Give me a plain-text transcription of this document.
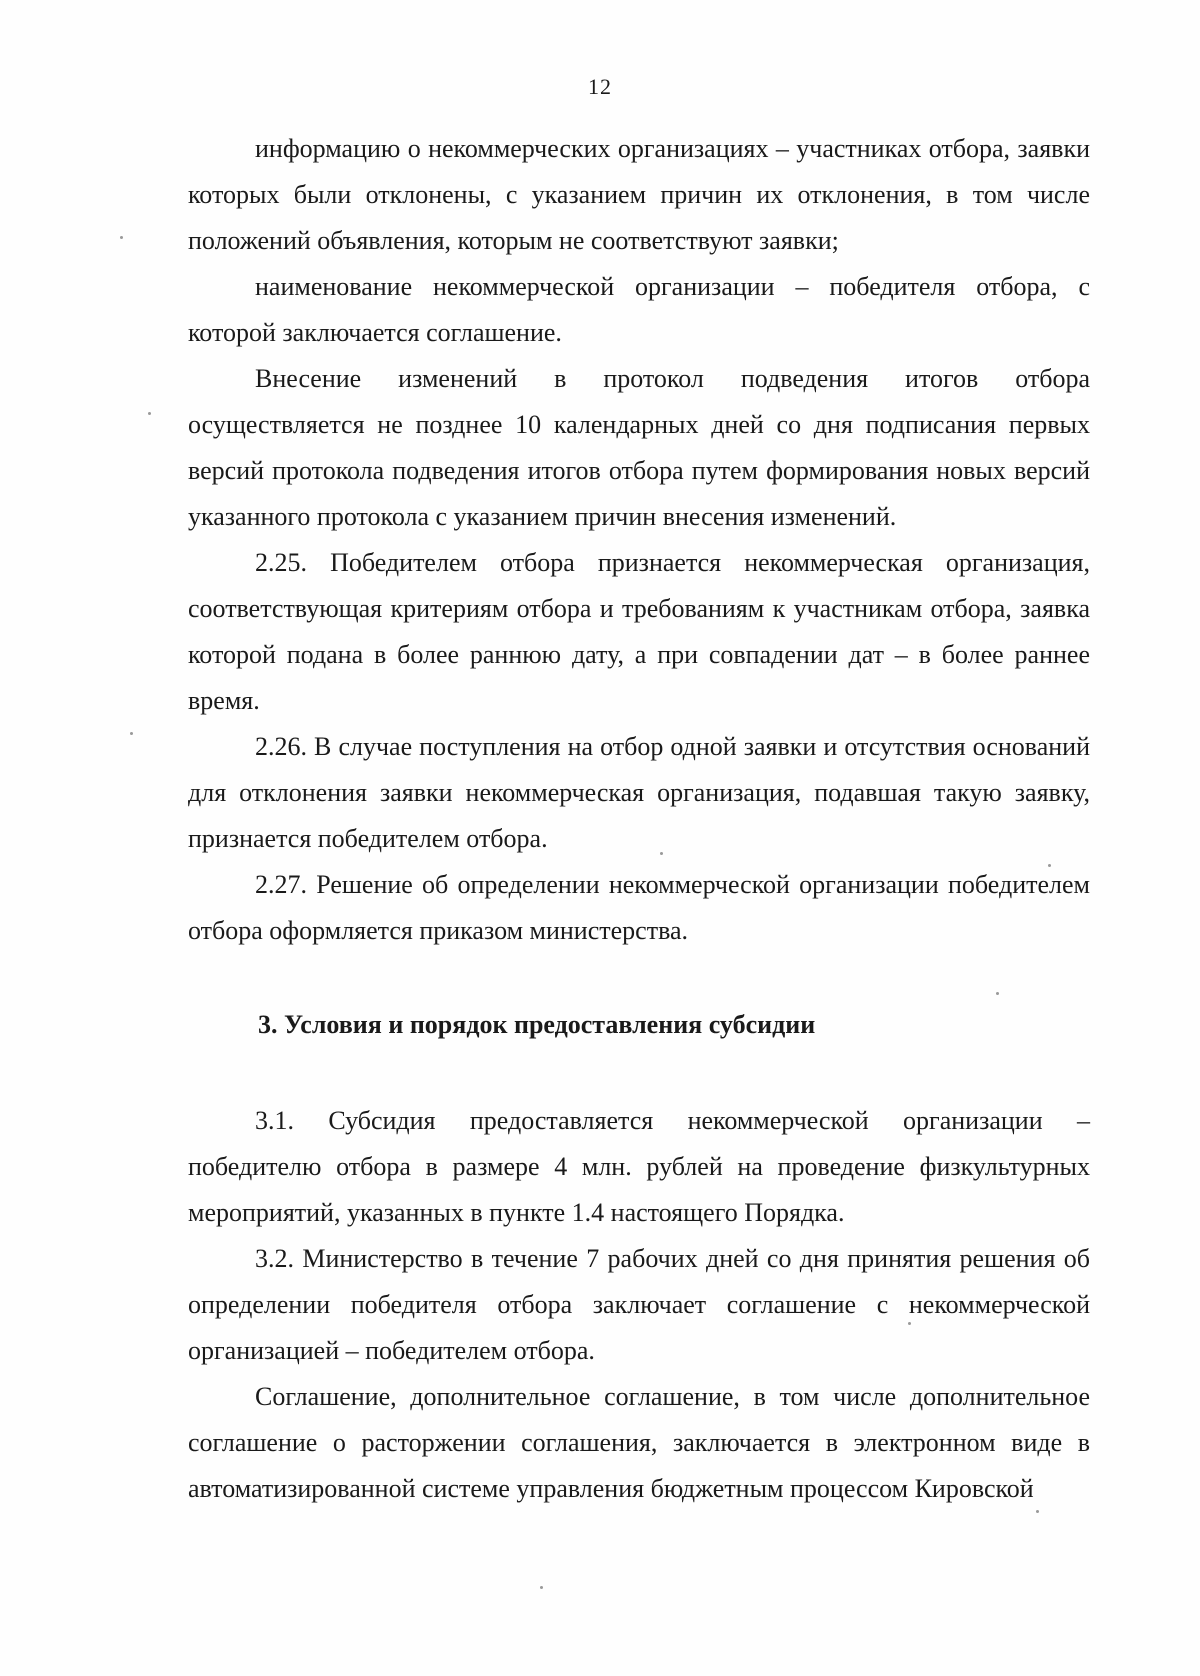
12

информацию о некоммерческих организациях – участниках отбора, заявки которых были отклонены, с указанием причин их отклонения, в том числе положений объявления, которым не соответствуют заявки;

наименование некоммерческой организации – победителя отбора, с которой заключается соглашение.

Внесение изменений в протокол подведения итогов отбора осуществляется не позднее 10 календарных дней со дня подписания первых версий протокола подведения итогов отбора путем формирования новых версий указанного протокола с указанием причин внесения изменений.

2.25. Победителем отбора признается некоммерческая организация, соответствующая критериям отбора и требованиям к участникам отбора, заявка которой подана в более раннюю дату, а при совпадении дат – в более раннее время.

2.26. В случае поступления на отбор одной заявки и отсутствия оснований для отклонения заявки некоммерческая организация, подавшая такую заявку, признается победителем отбора.

2.27. Решение об определении некоммерческой организации победителем отбора оформляется приказом министерства.

3. Условия и порядок предоставления субсидии

3.1. Субсидия предоставляется некоммерческой организации – победителю отбора в размере 4 млн. рублей на проведение физкультурных мероприятий, указанных в пункте 1.4 настоящего Порядка.

3.2. Министерство в течение 7 рабочих дней со дня принятия решения об определении победителя отбора заключает соглашение с некоммерческой организацией – победителем отбора.

Соглашение, дополнительное соглашение, в том числе дополнительное соглашение о расторжении соглашения, заключается в электронном виде в автоматизированной системе управления бюджетным процессом Кировской
